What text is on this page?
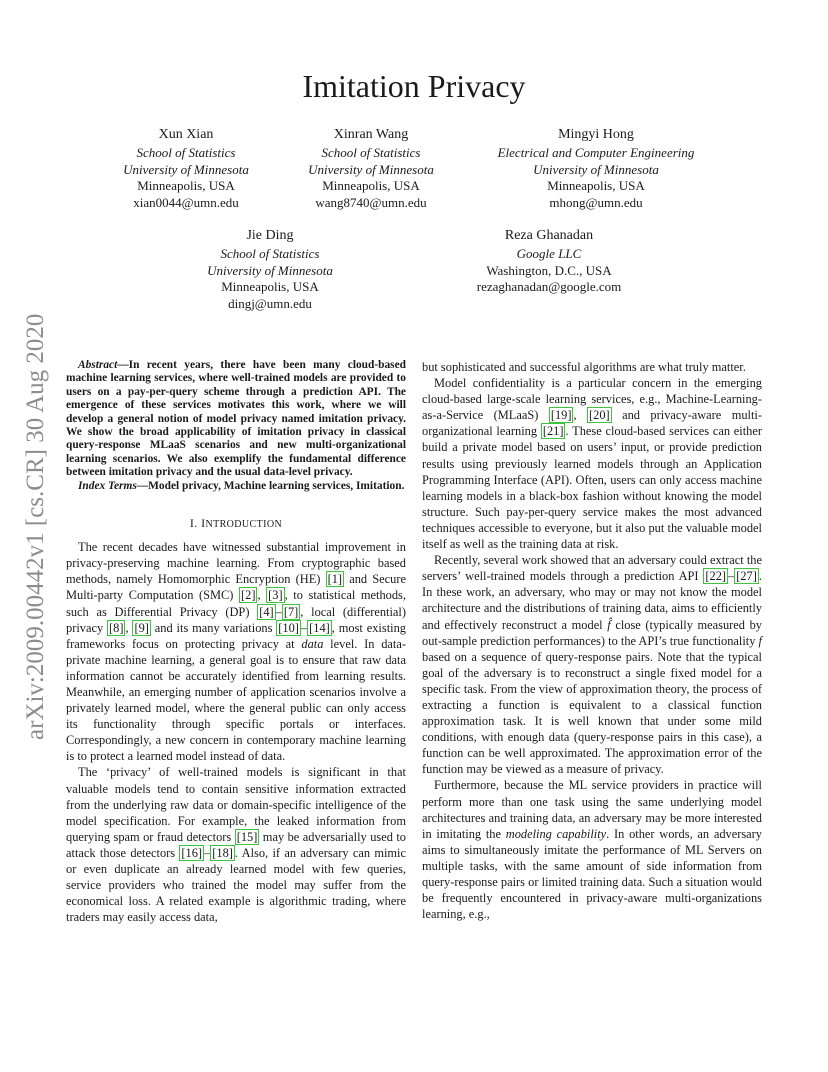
arXiv:2009.00442v1 [cs.CR] 30 Aug 2020
Imitation Privacy
Xun Xian
School of Statistics
University of Minnesota
Minneapolis, USA
xian0044@umn.edu
Xinran Wang
School of Statistics
University of Minnesota
Minneapolis, USA
wang8740@umn.edu
Mingyi Hong
Electrical and Computer Engineering
University of Minnesota
Minneapolis, USA
mhong@umn.edu
Jie Ding
School of Statistics
University of Minnesota
Minneapolis, USA
dingj@umn.edu
Reza Ghanadan
Google LLC
Washington, D.C., USA
rezaghanadan@google.com

Abstract—In recent years, there have been many cloud-based machine learning services, where well-trained models are provided to users on a pay-per-query scheme through a prediction API. The emergence of these services motivates this work, where we will develop a general notion of model privacy named imitation privacy. We show the broad applicability of imitation privacy in classical query-response MLaaS scenarios and new multi-organizational learning scenarios. We also exemplify the fundamental difference between imitation privacy and the usual data-level privacy.

Index Terms—Model privacy, Machine learning services, Imitation.

I. INTRODUCTION

The recent decades have witnessed substantial improvement in privacy-preserving machine learning. From cryptographic based methods, namely Homomorphic Encryption (HE) [1] and Secure Multi-party Computation (SMC) [2] , [3] , to statistical methods, such as Differential Privacy (DP) [4] – [7] , local (differential) privacy [8] , [9] and its many variations [10] – [14] , most existing frameworks focus on protecting privacy at data level. In data-private machine learning, a general goal is to ensure that raw data information cannot be accurately identified from learning results. Meanwhile, an emerging number of application scenarios involve a privately learned model, where the general public can only access its functionality through specific portals or interfaces. Correspondingly, a new concern in contemporary machine learning is to protect a learned model instead of data.

The ‘privacy’ of well-trained models is significant in that valuable models tend to contain sensitive information extracted from the underlying raw data or domain-specific intelligence of the model specification. For example, the leaked information from querying spam or fraud detectors [15] may be adversarially used to attack those detectors [16] – [18] . Also, if an adversary can mimic or even duplicate an already learned model with few queries, service providers who trained the model may suffer from the economical loss. A related example is algorithmic trading, where traders may easily access data,

but sophisticated and successful algorithms are what truly matter.

Model confidentiality is a particular concern in the emerging cloud-based large-scale learning services, e.g., Machine-Learning-as-a-Service (MLaaS) [19] , [20] and privacy-aware multi-organizational learning [21] . These cloud-based services can either build a private model based on users’ input, or provide prediction results using previously learned models through an Application Programming Interface (API). Often, users can only access machine learning models in a black-box fashion without knowing the model structure. Such pay-per-query service makes the most advanced techniques accessible to everyone, but it also put the valuable model itself as well as the training data at risk.

Recently, several work showed that an adversary could extract the servers’ well-trained models through a prediction API [22] – [27] . In these work, an adversary, who may or may not know the model architecture and the distributions of training data, aims to efficiently and effectively reconstruct a model f̂ close (typically measured by out-sample prediction performances) to the API’s true functionality f based on a sequence of query-response pairs. Note that the typical goal of the adversary is to reconstruct a single fixed model for a specific task. From the view of approximation theory, the process of extracting a function is equivalent to a classical function approximation task. It is well known that under some mild conditions, with enough data (query-response pairs in this case), a function can be well approximated. The approximation error of the function may be viewed as a measure of privacy.

Furthermore, because the ML service providers in practice will perform more than one task using the same underlying model architectures and training data, an adversary may be more interested in imitating the modeling capability. In other words, an adversary aims to simultaneously imitate the performance of ML Servers on multiple tasks, with the same amount of side information from query-response pairs or limited training data. Such a situation would be frequently encountered in privacy-aware multi-organizations learning, e.g.,
